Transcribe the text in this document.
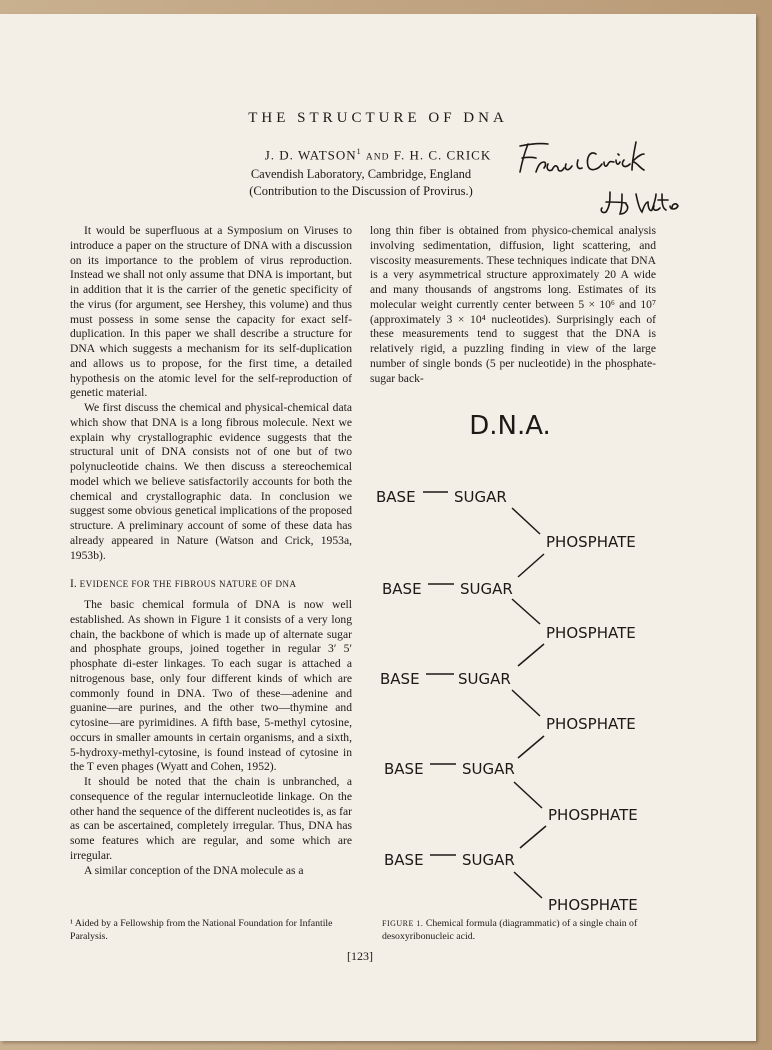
THE STRUCTURE OF DNA
J. D. WATSON$^1$ AND F. H. C. CRICK
Cavendish Laboratory, Cambridge, England
(Contribution to the Discussion of Provirus.)

It would be superfluous at a Symposium on Viruses to introduce a paper on the structure of DNA with a discussion on its importance to the problem of virus reproduction. Instead we shall not only assume that DNA is important, but in addition that it is the carrier of the genetic specificity of the virus (for argument, see Hershey, this volume) and thus must possess in some sense the capacity for exact self-duplication. In this paper we shall describe a structure for DNA which suggests a mechanism for its self-duplication and allows us to propose, for the first time, a detailed hypothesis on the atomic level for the self-reproduction of genetic material.

We first discuss the chemical and physical-chemical data which show that DNA is a long fibrous molecule. Next we explain why crystallographic evidence suggests that the structural unit of DNA consists not of one but of two polynucleotide chains. We then discuss a stereochemical model which we believe satisfactorily accounts for both the chemical and crystallographic data. In conclusion we suggest some obvious genetical implications of the proposed structure. A preliminary account of some of these data has already appeared in Nature (Watson and Crick, 1953a, 1953b).

I. EVIDENCE FOR THE FIBROUS NATURE OF DNA

The basic chemical formula of DNA is now well established. As shown in Figure 1 it consists of a very long chain, the backbone of which is made up of alternate sugar and phosphate groups, joined together in regular 3′ 5′ phosphate di-ester linkages. To each sugar is attached a nitrogenous base, only four different kinds of which are commonly found in DNA. Two of these—adenine and guanine—are purines, and the other two—thymine and cytosine—are pyrimidines. A fifth base, 5-methyl cytosine, occurs in smaller amounts in certain organisms, and a sixth, 5-hydroxy-methyl-cytosine, is found instead of cytosine in the T even phages (Wyatt and Cohen, 1952).

It should be noted that the chain is unbranched, a consequence of the regular internucleotide linkage. On the other hand the sequence of the different nucleotides is, as far as can be ascertained, completely irregular. Thus, DNA has some features which are regular, and some which are irregular.

A similar conception of the DNA molecule as a

long thin fiber is obtained from physico-chemical analysis involving sedimentation, diffusion, light scattering, and viscosity measurements. These techniques indicate that DNA is a very asymmetrical structure approximately 20 A wide and many thousands of angstroms long. Estimates of its molecular weight currently center between 5 × 10⁶ and 10⁷ (approximately 3 × 10⁴ nucleotides). Surprisingly each of these measurements tend to suggest that the DNA is relatively rigid, a puzzling finding in view of the large number of single bonds (5 per nucleotide) in the phosphate-sugar back-

D.N.A.
BASE	SUGAR
PHOSPHATE
BASE	SUGAR
PHOSPHATE
BASE	SUGAR
PHOSPHATE
BASE	SUGAR
PHOSPHATE
BASE	SUGAR
PHOSPHATE
¹ Aided by a Fellowship from the National Foundation for Infantile Paralysis.
FIGURE 1. Chemical formula (diagrammatic) of a single chain of desoxyribonucleic acid.
[123]
